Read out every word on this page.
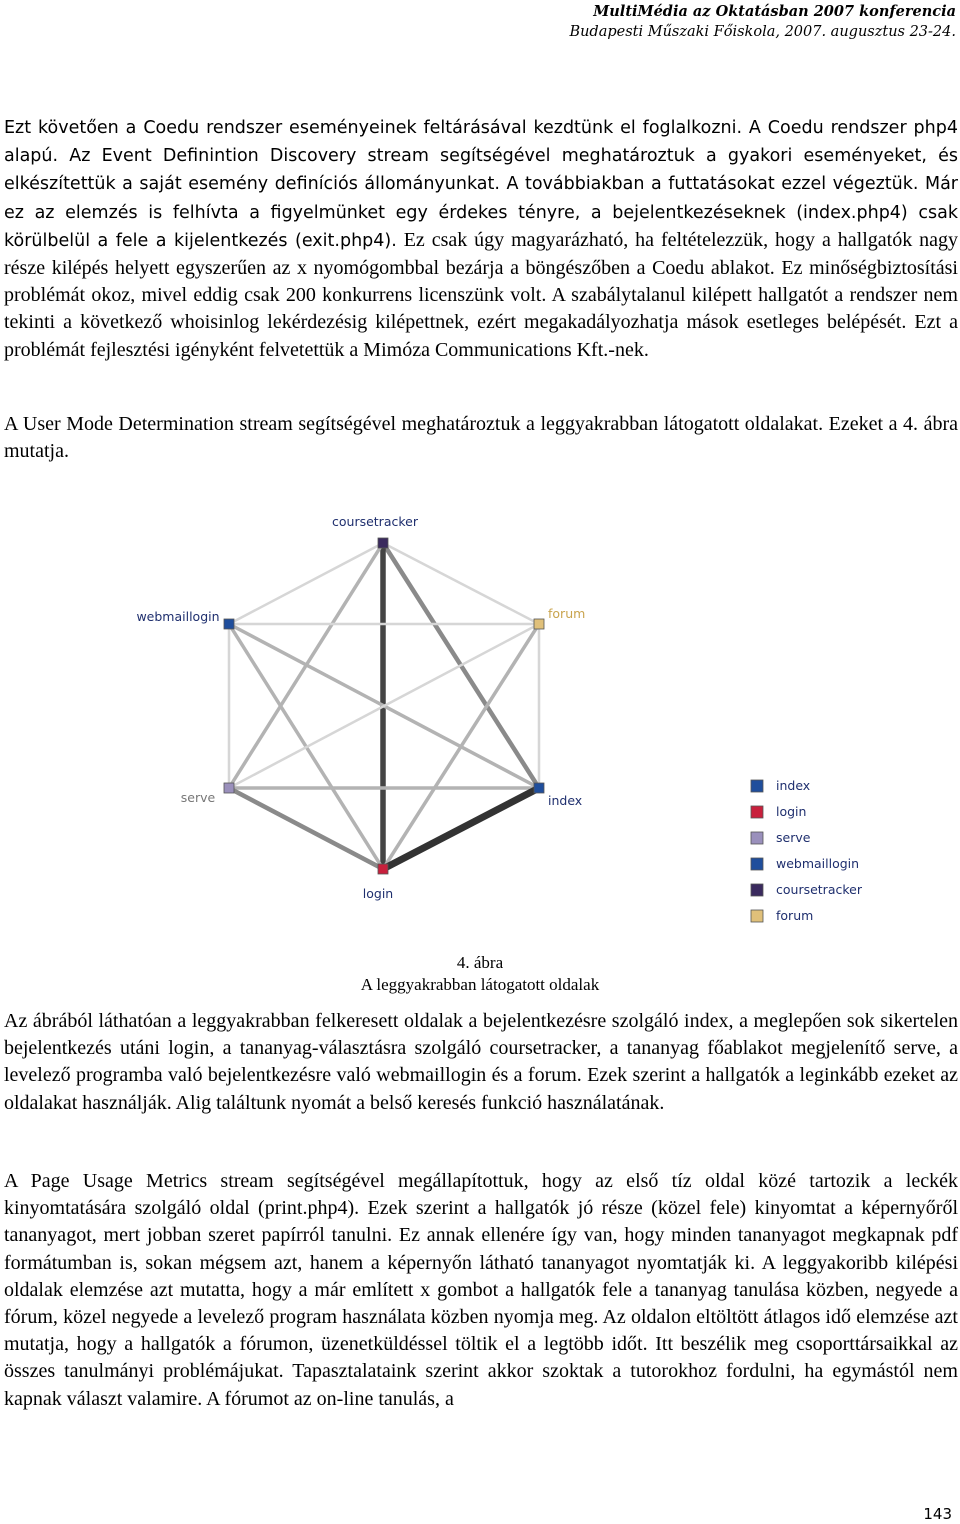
MultiMédia az Oktatásban 2007 konferencia
Budapesti Műszaki Főiskola, 2007. augusztus 23-24.
Ezt követően a Coedu rendszer eseményeinek feltárásával kezdtünk el foglalkozni. A Coedu rendszer php4 alapú. Az Event Definintion Discovery stream segítségével meghatároztuk a gyakori eseményeket, és elkészítettük a saját esemény definíciós állományunkat. A továbbiakban a futtatásokat ezzel végeztük. Már ez az elemzés is felhívta a figyelmünket egy érdekes tényre, a bejelentkezéseknek (index.php4) csak körülbelül a fele a kijelentkezés (exit.php4). Ez csak úgy magyarázható, ha feltételezzük, hogy a hallgatók nagy része kilépés helyett egyszerűen az x nyomógombbal bezárja a böngészőben a Coedu ablakot. Ez minőségbiztosítási problémát okoz, mivel eddig csak 200 konkurrens licenszünk volt. A szabálytalanul kilépett hallgatót a rendszer nem tekinti a következő whoisinlog lekérdezésig kilépettnek, ezért megakadályozhatja mások esetleges belépését. Ezt a problémát fejlesztési igényként felvetettük a Mimóza Communications Kft.-nek.
A User Mode Determination stream segítségével meghatároztuk a leggyakrabban látogatott oldalakat. Ezeket a 4. ábra mutatja.
coursetracker
webmaillogin	forum
serve	index
login
index
login
serve
webmaillogin
coursetracker
forum
4. ábra
A leggyakrabban látogatott oldalak
Az ábrából láthatóan a leggyakrabban felkeresett oldalak a bejelentkezésre szolgáló index, a meglepően sok sikertelen bejelentkezés utáni login, a tananyag-választásra szolgáló coursetracker, a tananyag főablakot megjelenítő serve, a levelező programba való bejelentkezésre való webmaillogin és a forum. Ezek szerint a hallgatók a leginkább ezeket az oldalakat használják. Alig találtunk nyomát a belső keresés funkció használatának.
A Page Usage Metrics stream segítségével megállapítottuk, hogy az első tíz oldal közé tartozik a leckék kinyomtatására szolgáló oldal (print.php4). Ezek szerint a hallgatók jó része (közel fele) kinyomtat a képernyőről tananyagot, mert jobban szeret papírról tanulni. Ez annak ellenére így van, hogy minden tananyagot megkapnak pdf formátumban is, sokan mégsem azt, hanem a képernyőn látható tananyagot nyomtatják ki. A leggyakoribb kilépési oldalak elemzése azt mutatta, hogy a már említett x gombot a hallgatók fele a tananyag tanulása közben, negyede a fórum, közel negyede a levelező program használata közben nyomja meg. Az oldalon eltöltött átlagos idő elemzése azt mutatja, hogy a hallgatók a fórumon, üzenetküldéssel töltik el a legtöbb időt. Itt beszélik meg csoporttársaikkal az összes tanulmányi problémájukat. Tapasztalataink szerint akkor szoktak a tutorokhoz fordulni, ha egymástól nem kapnak választ valamire. A fórumot az on-line tanulás, a
143
